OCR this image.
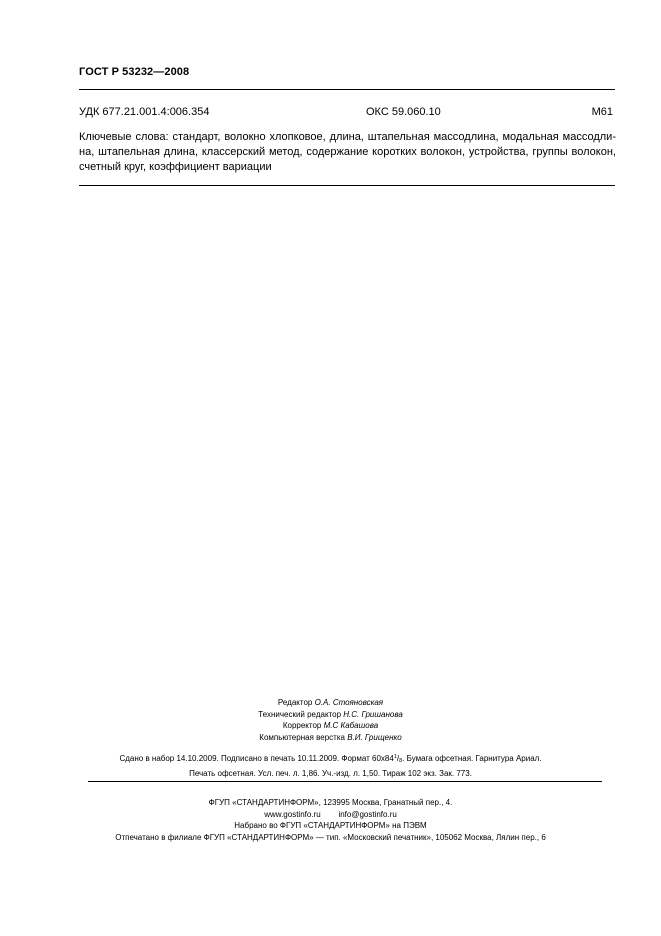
ГОСТ Р 53232—2008
УДК 677.21.001.4:006.354	ОКС 59.060.10	М61
Ключевые слова: стандарт, волокно хлопковое, длина, штапельная массодлина, модальная массодли-
на, штапельная длина, классерский метод, содержание коротких волокон, устройства, группы волокон,
счетный круг, коэффициент вариации
Редактор О.А. Стояновская
Технический редактор Н.С. Гришанова
Корректор М.С Кабашова
Компьютерная верстка В.И. Грищенко
Сдано в набор 14.10.2009. Подписано в печать 10.11.2009. Формат $60х84^1/_8$. Бумага офсетная. Гарнитура Ариал.
Печать офсетная. Усл. печ. л. 1,86. Уч.-изд. л. 1,50. Тираж 102 экз. Зак. 773.
ФГУП «СТАНДАРТИНФОРМ», 123995 Москва, Гранатный пер., 4.
www.gostinfo.ru        info@gostinfo.ru
Набрано во ФГУП «СТАНДАРТИНФОРМ» на ПЭВМ
Отпечатано в филиале ФГУП «СТАНДАРТИНФОРМ» — тип. «Московский печатник», 105062 Москва, Лялин пер., 6
